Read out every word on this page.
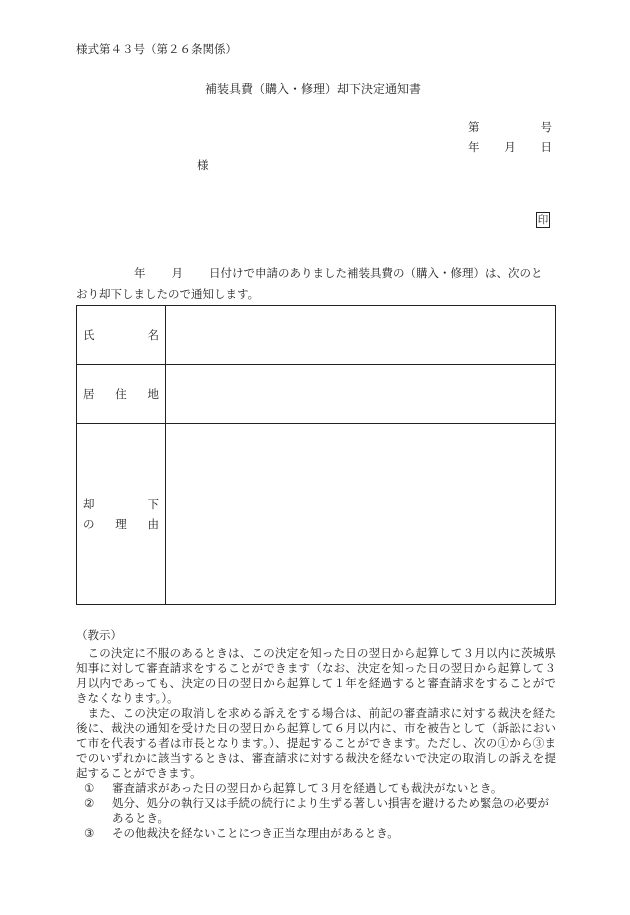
様式第４３号（第２６条関係）
補装具費（購入・修理）却下決定通知書
第	号
年 月 日
様
印
年 月 日付けで申請のありました補装具費の（購入・修理）は、次のと
おり却下しましたので通知します。
氏 名	

居 住 地	

却 下
の 理 由	

（教示）

この決定に不服のあるときは、この決定を知った日の翌日から起算して３月以内に茨城県知事に対して審査請求をすることができます（なお、決定を知った日の翌日から起算して３月以内であっても、決定の日の翌日から起算して１年を経過すると審査請求をすることができなくなります。）。

また、この決定の取消しを求める訴えをする場合は、前記の審査請求に対する裁決を経た後に、裁決の通知を受けた日の翌日から起算して６月以内に、市を被告として（訴訟において市を代表する者は市長となります。）、提起することができます。ただし、次の①から③までのいずれかに該当するときは、審査請求に対する裁決を経ないで決定の取消しの訴えを提起することができます。

①	審査請求があった日の翌日から起算して３月を経過しても裁決がないとき。
②	処分、処分の執行又は手続の続行により生ずる著しい損害を避けるため緊急の必要があるとき。
③	その他裁決を経ないことにつき正当な理由があるとき。
